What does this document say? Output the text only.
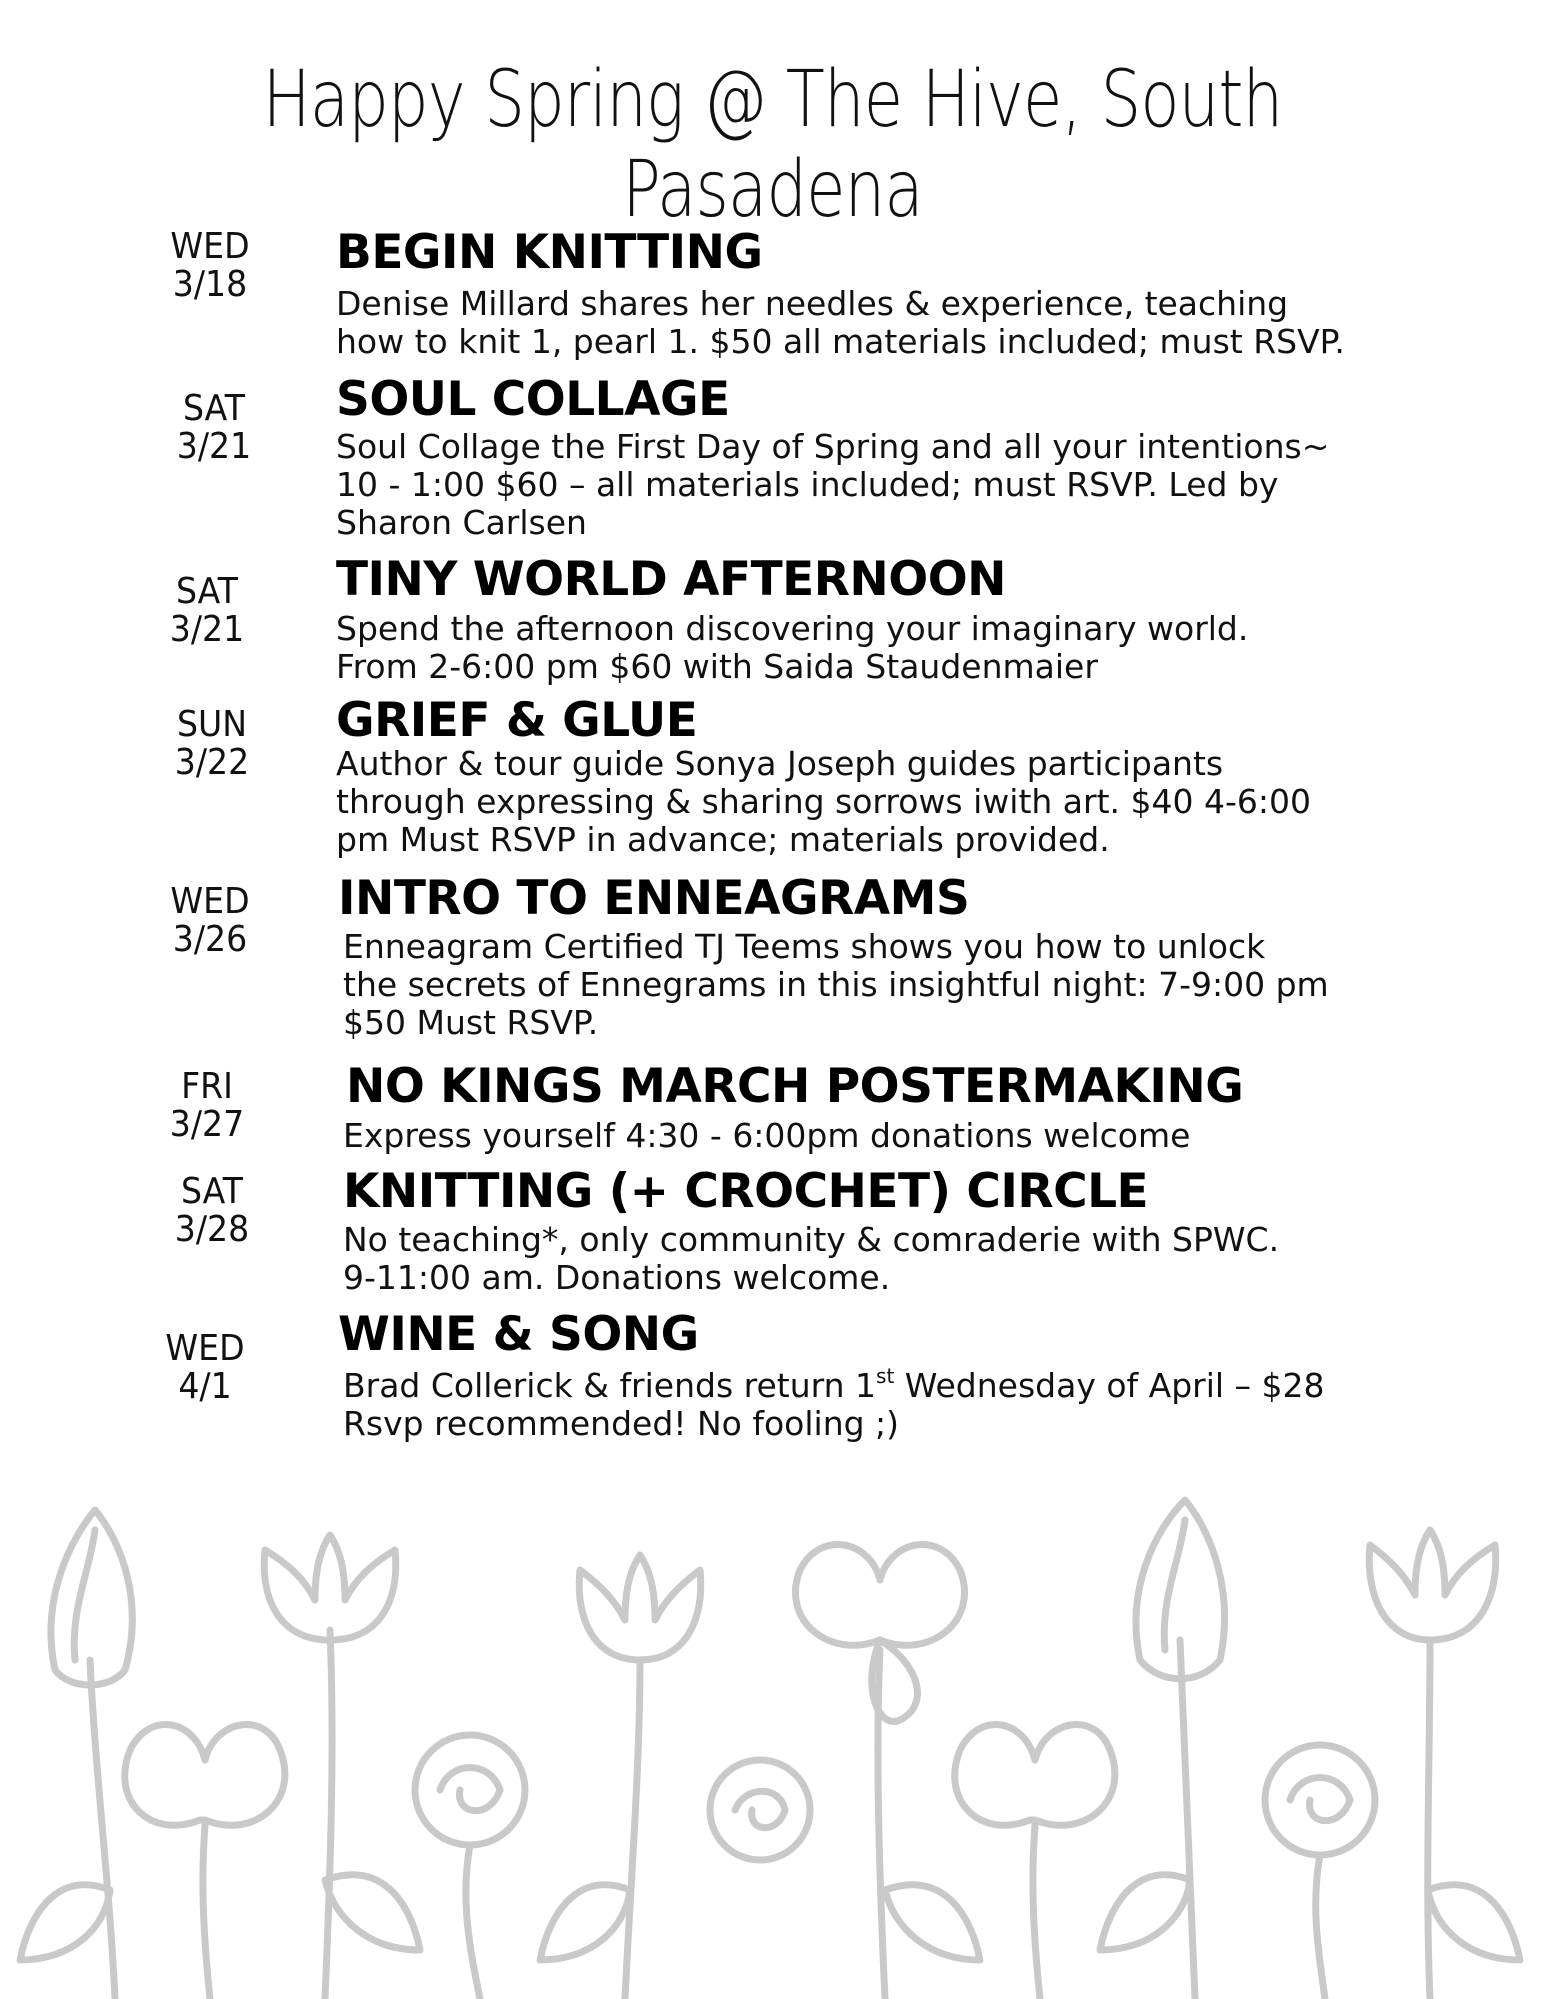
Happy Spring @ The Hive, South Pasadena
WED
3/18
BEGIN KNITTING
Denise Millard shares her needles & experience, teaching
how to knit 1, pearl 1. $50 all materials included; must RSVP.
SAT
3/21
SOUL COLLAGE
Soul Collage the First Day of Spring and all your intentions~
10 - 1:00 $60 – all materials included; must RSVP. Led by
Sharon Carlsen
SAT
3/21
TINY WORLD AFTERNOON
Spend the afternoon discovering your imaginary world.
From 2-6:00 pm $60 with Saida Staudenmaier
SUN
3/22
GRIEF & GLUE
Author & tour guide Sonya Joseph guides participants
through expressing & sharing sorrows iwith art. $40 4-6:00
pm Must RSVP in advance; materials provided.
WED
3/26
INTRO TO ENNEAGRAMS
Enneagram Certified TJ Teems shows you how to unlock
the secrets of Ennegrams in this insightful night: 7-9:00 pm
$50 Must RSVP.
FRI
3/27
NO KINGS MARCH POSTERMAKING
Express yourself 4:30 - 6:00pm donations welcome
SAT
3/28
KNITTING (+ CROCHET) CIRCLE
No teaching*, only community & comraderie with SPWC.
9-11:00 am. Donations welcome.
WED
4/1
WINE & SONG
Brad Collerick & friends return 1st Wednesday of April – $28
Rsvp recommended! No fooling ;)
